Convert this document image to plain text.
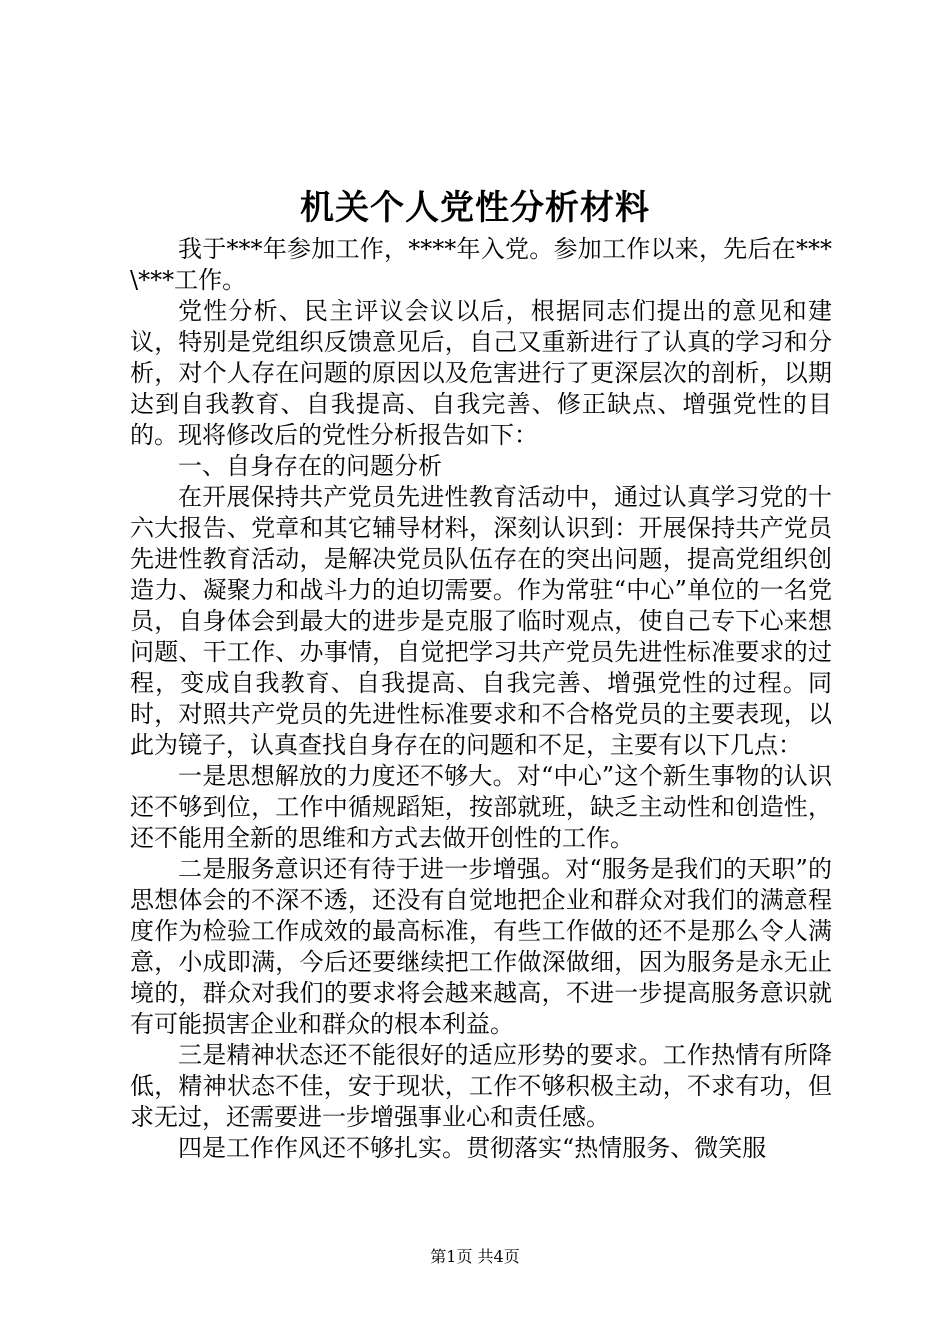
机关个人党性分析材料

我于***年参加工作，****年入党。参加工作以来，先后在***\***工作。

党性分析、民主评议会议以后，根据同志们提出的意见和建议，特别是党组织反馈意见后，自己又重新进行了认真的学习和分析，对个人存在问题的原因以及危害进行了更深层次的剖析，以期达到自我教育、自我提高、自我完善、修正缺点、增强党性的目的。现将修改后的党性分析报告如下：

一、自身存在的问题分析

在开展保持共产党员先进性教育活动中，通过认真学习党的十六大报告、党章和其它辅导材料，深刻认识到：开展保持共产党员先进性教育活动，是解决党员队伍存在的突出问题，提高党组织创造力、凝聚力和战斗力的迫切需要。作为常驻“中心”单位的一名党员，自身体会到最大的进步是克服了临时观点，使自己专下心来想问题、干工作、办事情，自觉把学习共产党员先进性标准要求的过程，变成自我教育、自我提高、自我完善、增强党性的过程。同时，对照共产党员的先进性标准要求和不合格党员的主要表现，以此为镜子，认真查找自身存在的问题和不足，主要有以下几点：

一是思想解放的力度还不够大。对“中心”这个新生事物的认识还不够到位，工作中循规蹈矩，按部就班，缺乏主动性和创造性，还不能用全新的思维和方式去做开创性的工作。

二是服务意识还有待于进一步增强。对“服务是我们的天职”的思想体会的不深不透，还没有自觉地把企业和群众对我们的满意程度作为检验工作成效的最高标准，有些工作做的还不是那么令人满意，小成即满，今后还要继续把工作做深做细，因为服务是永无止境的，群众对我们的要求将会越来越高，不进一步提高服务意识就有可能损害企业和群众的根本利益。

三是精神状态还不能很好的适应形势的要求。工作热情有所降低，精神状态不佳，安于现状，工作不够积极主动，不求有功，但求无过，还需要进一步增强事业心和责任感。

四是工作作风还不够扎实。贯彻落实“热情服务、微笑服

第1页 共4页
